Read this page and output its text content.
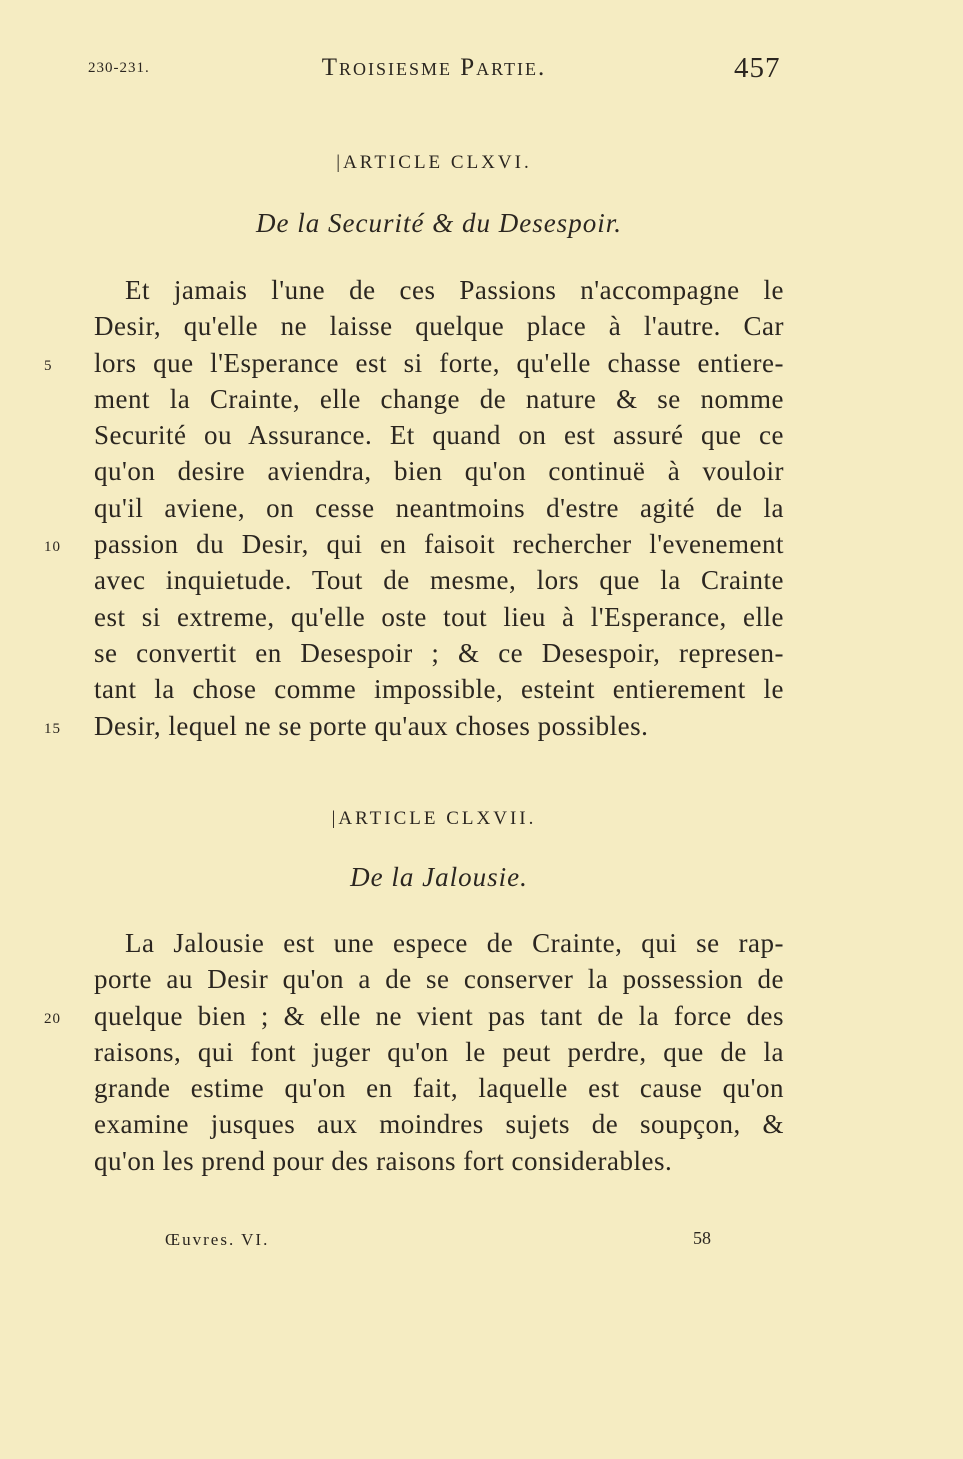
230-231.	Troisiesme Partie.	457
|ARTICLE CLXVI.
De la Securité & du Desespoir.
Et jamais l'une de ces Passions n'accompagne le
Desir, qu'elle ne laisse quelque place à l'autre. Car
5	lors que l'Esperance est si forte, qu'elle chasse entiere-
ment la Crainte, elle change de nature & se nomme
Securité ou Assurance. Et quand on est assuré que ce
qu'on desire aviendra, bien qu'on continuë à vouloir
qu'il aviene, on cesse neantmoins d'estre agité de la
10 passion du Desir, qui en faisoit rechercher l'evenement
avec inquietude. Tout de mesme, lors que la Crainte
est si extreme, qu'elle oste tout lieu à l'Esperance, elle
se convertit en Desespoir ; & ce Desespoir, represen-
tant la chose comme impossible, esteint entierement le
15 Desir, lequel ne se porte qu'aux choses possibles.
|ARTICLE CLXVII.
De la Jalousie.
La Jalousie est une espece de Crainte, qui se rap-
porte au Desir qu'on a de se conserver la possession de
20 quelque bien ; & elle ne vient pas tant de la force des
raisons, qui font juger qu'on le peut perdre, que de la
grande estime qu'on en fait, laquelle est cause qu'on
examine jusques aux moindres sujets de soupçon, &
qu'on les prend pour des raisons fort considerables.
Œuvres. VI.	58
